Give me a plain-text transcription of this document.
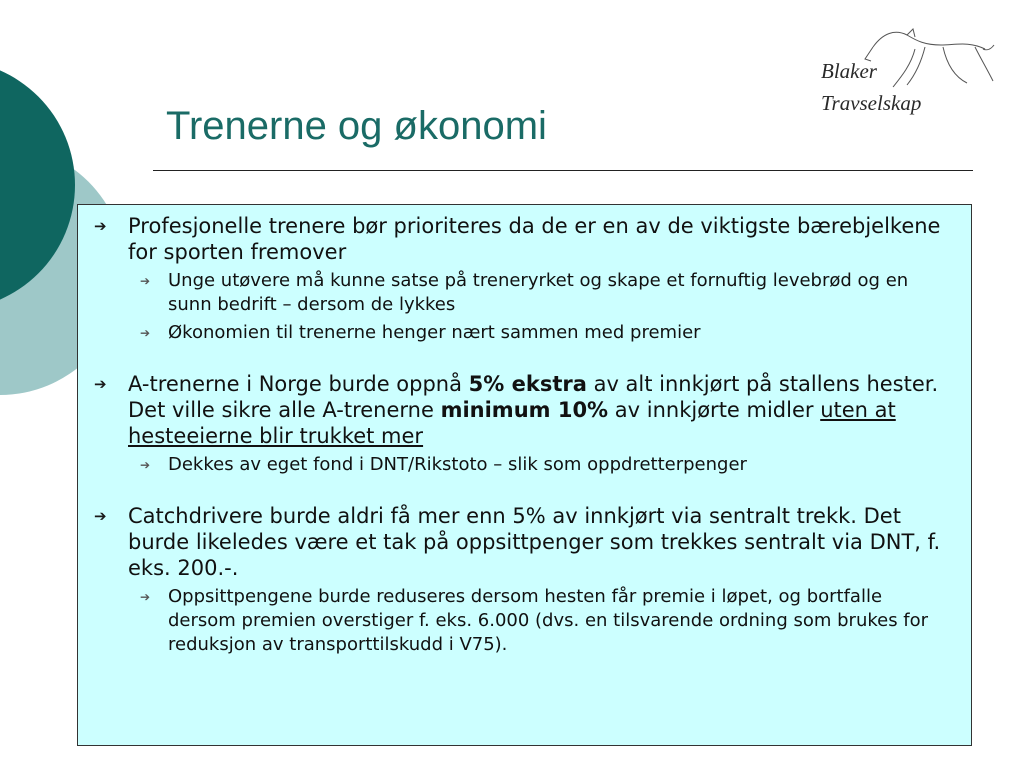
Trenerne og økonomi
Blaker
Travselskap
➔	Profesjonelle trenere bør prioriteres da de er en av de viktigste bærebjelkene for sporten fremover
➔ Unge utøvere må kunne satse på treneryrket og skape et fornuftig levebrød og en sunn bedrift – dersom de lykkes
➔ Økonomien til trenerne henger nært sammen med premier
➔	A-trenerne i Norge burde oppnå 5% ekstra av alt innkjørt på stallens hester. Det ville sikre alle A-trenerne minimum 10% av innkjørte midler uten at hesteeierne blir trukket mer
➔ Dekkes av eget fond i DNT/Rikstoto – slik som oppdretterpenger
➔	Catchdrivere burde aldri få mer enn 5% av innkjørt via sentralt trekk. Det burde likeledes være et tak på oppsittpenger som trekkes sentralt via DNT, f. eks. 200.-.
➔ Oppsittpengene burde reduseres dersom hesten får premie i løpet, og bortfalle dersom premien overstiger f. eks. 6.000 (dvs. en tilsvarende ordning som brukes for reduksjon av transporttilskudd i V75).
